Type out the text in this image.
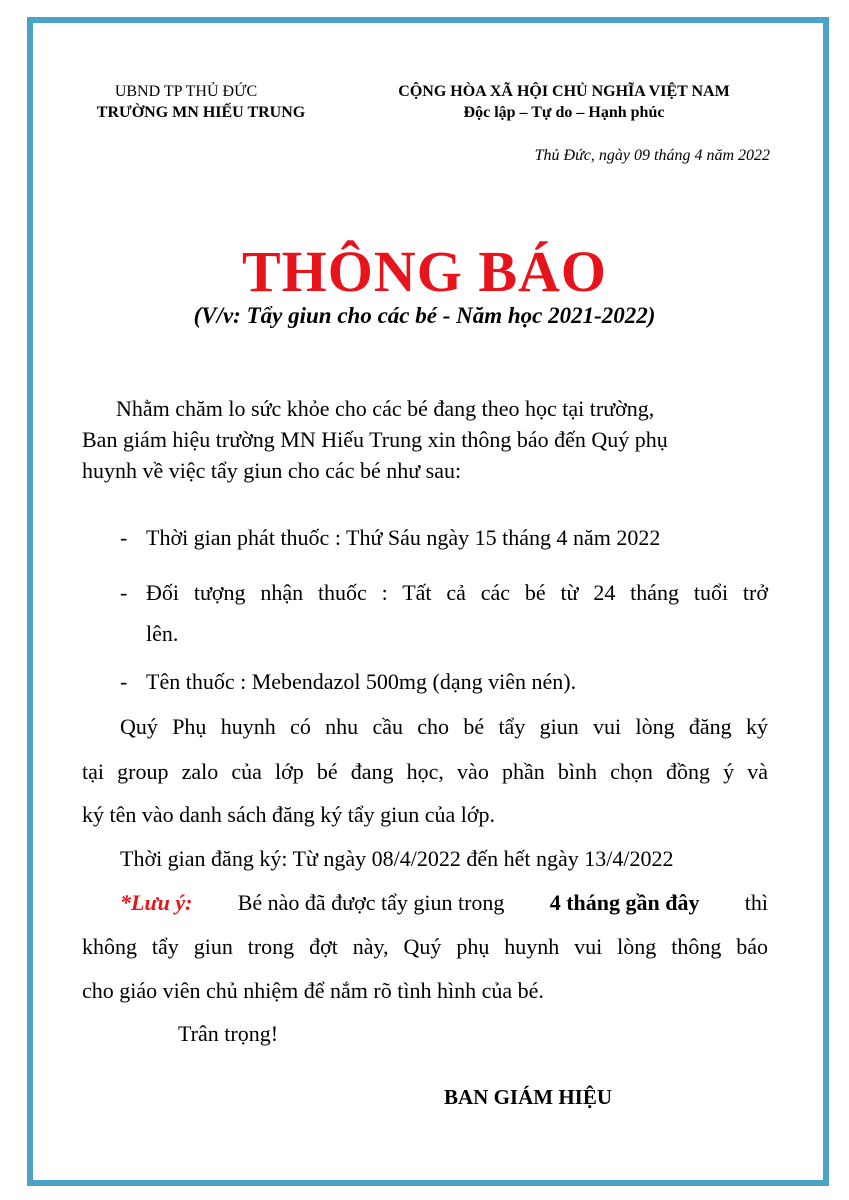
UBND TP THỦ ĐỨC
TRƯỜNG MN HIẾU TRUNG
CỘNG HÒA XÃ HỘI CHỦ NGHĨA VIỆT NAM
Độc lập – Tự do – Hạnh phúc
Thủ Đức, ngày 09 tháng 4 năm 2022
THÔNG BÁO
(V/v: Tẩy giun cho các bé - Năm học 2021-2022)
Nhằm chăm lo sức khỏe cho các bé đang theo học tại trường,
Ban giám hiệu trường MN Hiếu Trung xin thông báo đến Quý phụ
huynh về việc tẩy giun cho các bé như sau:
- Thời gian phát thuốc : Thứ Sáu ngày 15 tháng 4 năm 2022
- Đối tượng nhận thuốc : Tất cả các bé từ 24 tháng tuổi trở
lên.
- Tên thuốc : Mebendazol 500mg (dạng viên nén).
Quý Phụ huynh có nhu cầu cho bé tẩy giun vui lòng đăng ký
tại group zalo của lớp bé đang học, vào phần bình chọn đồng ý và
ký tên vào danh sách đăng ký tẩy giun của lớp.
Thời gian đăng ký: Từ ngày 08/4/2022 đến hết ngày 13/4/2022
*Lưu ý: Bé nào đã được tẩy giun trong 4 tháng gần đây thì
không tẩy giun trong đợt này, Quý phụ huynh vui lòng thông báo
cho giáo viên chủ nhiệm để nắm rõ tình hình của bé.
Trân trọng!
BAN GIÁM HIỆU
